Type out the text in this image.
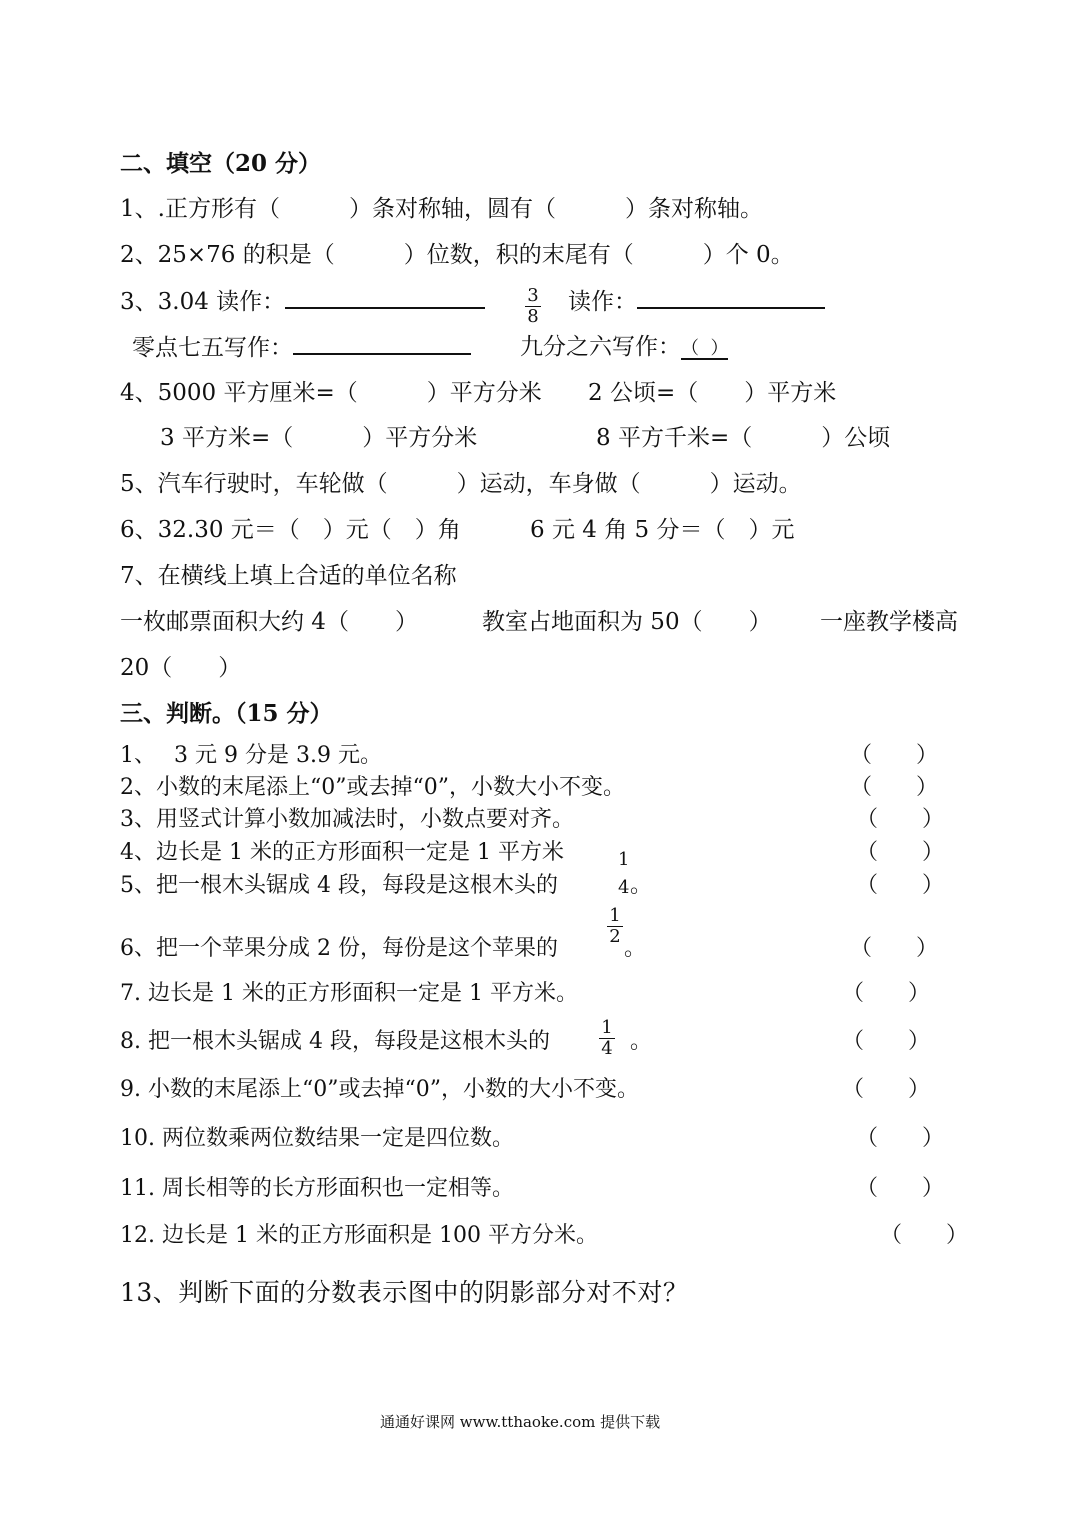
二、填空（20 分）
1、.正方形有（　　　）条对称轴，圆有（　　　）条对称轴。
2、25×76 的积是（　　　）位数，积的末尾有（　　　）个 0。
3、3.04 读作：	$\frac{3}{8}$ 读作：
零点七五写作：	九分之六写作：（  ）
4、5000 平方厘米=（　　　）平方分米 2 公顷=（　　）平方米
3 平方米=（　　　）平方分米	8 平方千米=（　　　）公顷
5、汽车行驶时，车轮做（　　　）运动，车身做（　　　）运动。
6、32.30 元＝（　）元（　）角	6 元 4 角 5 分＝（　）元
7、在横线上填上合适的单位名称
一枚邮票面积大约 4（　　）	教室占地面积为 50（　　） 一座教学楼高
20（　　）
三、判断。（15 分）
1、　 3 元 9 分是 3.9 元。	（　　）
2、小数的末尾添上“0”或去掉“0”，小数大小不变。	（　　）
3、用竖式计算小数加减法时，小数点要对齐。	（　　）
4、边长是 1 米的正方形面积一定是 1 平方米	（　　）
1
5、把一根木头锯成 4 段，每段是这根木头的	4 。	（　　）
6、把一个苹果分成 2 份，每份是这个苹果的
$\frac{1}{2}$
。	（　　）
7. 边长是 1 米的正方形面积一定是 1 平方米。	（　　）
8. 把一根木头锯成 4 段，每段是这根木头的	$\frac{1}{4}$ 。	（　　）
9. 小数的末尾添上“0”或去掉“0”，小数的大小不变。	（　　）
10. 两位数乘两位数结果一定是四位数。	（　　）
11. 周长相等的长方形面积也一定相等。	（　　）
12. 边长是 1 米的正方形面积是 100 平方分米。	（　　）
13、判断下面的分数表示图中的阴影部分对不对？
通通好课网 www.tthaoke.com 提供下载
